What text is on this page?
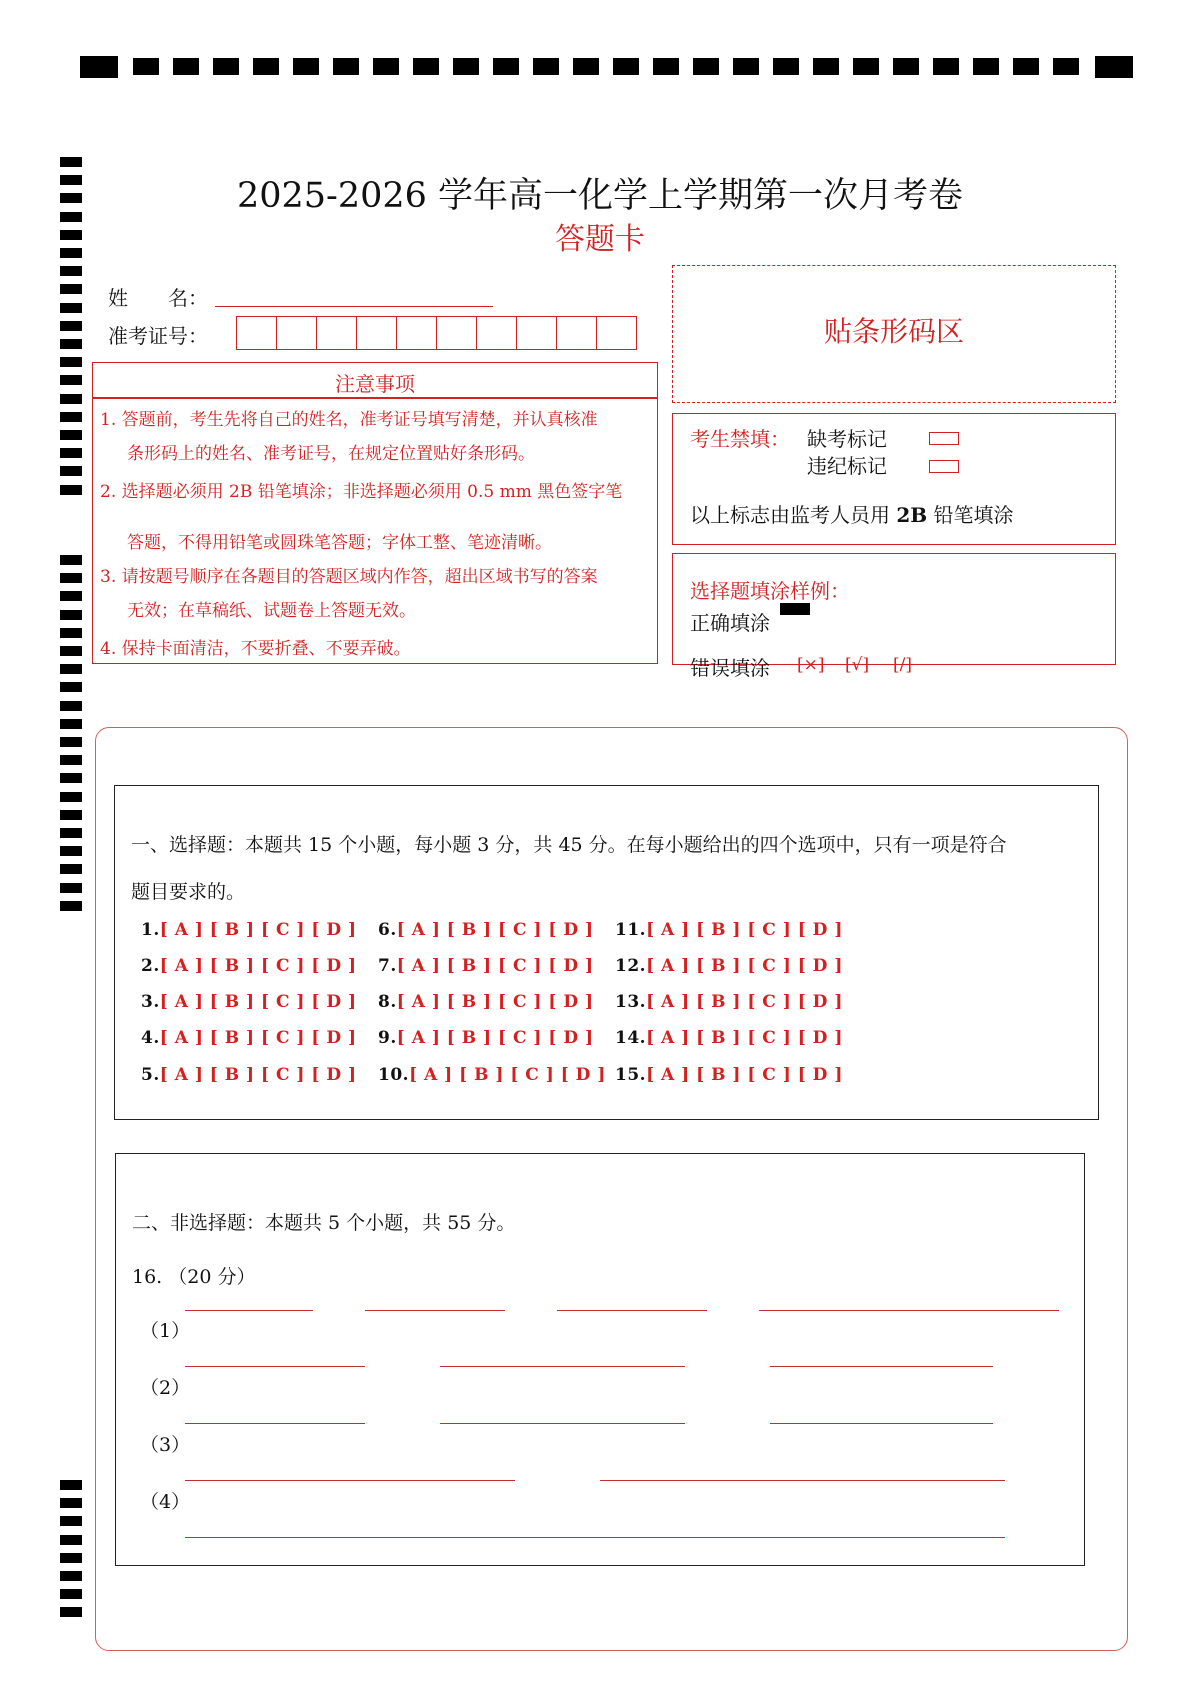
2025-2026 学年高一化学上学期第一次月考卷
答题卡
姓　　名：
准考证号：	贴条形码区
注意事项
1. 答题前，考生先将自己的姓名，准考证号填写清楚，并认真核准
条形码上的姓名、准考证号，在规定位置贴好条形码。
2. 选择题必须用 2B 铅笔填涂；非选择题必须用 0.5 mm 黑色签字笔
答题，不得用铅笔或圆珠笔答题；字体工整、笔迹清晰。
3. 请按题号顺序在各题目的答题区域内作答，超出区域书写的答案
无效；在草稿纸、试题卷上答题无效。
4. 保持卡面清洁，不要折叠、不要弄破。
考生禁填： 缺考标记
违纪标记
以上标志由监考人员用 2B 铅笔填涂
选择题填涂样例：
正确填涂
错误填涂 [×] [√] [/]
一、选择题：本题共 15 个小题，每小题 3 分，共 45 分。在每小题给出的四个选项中，只有一项是符合
题目要求的。
1.[ A ] [ B ] [ C ] [ D ]
2.[ A ] [ B ] [ C ] [ D ]
3.[ A ] [ B ] [ C ] [ D ]
4.[ A ] [ B ] [ C ] [ D ]
5.[ A ] [ B ] [ C ] [ D ]
6.[ A ] [ B ] [ C ] [ D ]
7.[ A ] [ B ] [ C ] [ D ]
8.[ A ] [ B ] [ C ] [ D ]
9.[ A ] [ B ] [ C ] [ D ]
10.[ A ] [ B ] [ C ] [ D ]
11.[ A ] [ B ] [ C ] [ D ]
12.[ A ] [ B ] [ C ] [ D ]
13.[ A ] [ B ] [ C ] [ D ]
14.[ A ] [ B ] [ C ] [ D ]
15.[ A ] [ B ] [ C ] [ D ]
二、非选择题：本题共 5 个小题，共 55 分。
16. （20 分）
（1）
（2）
（3）
（4）
